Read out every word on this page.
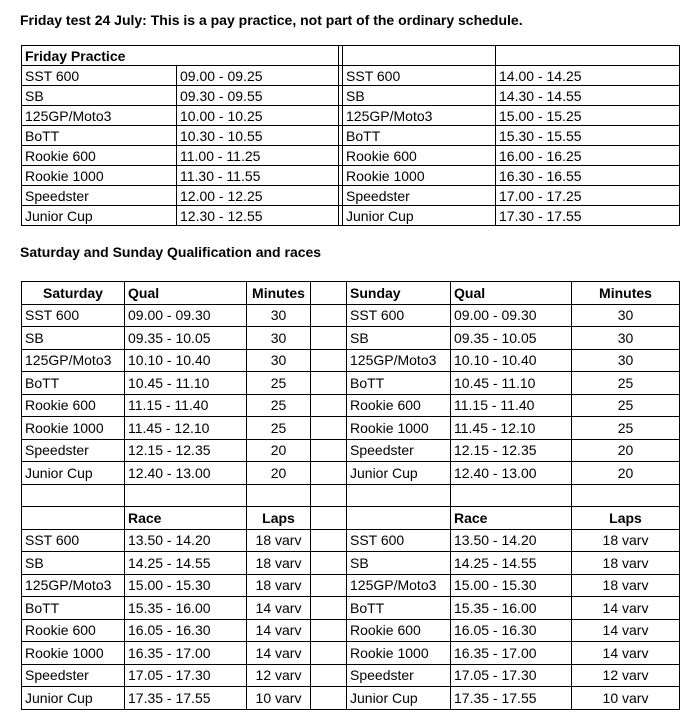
Friday test 24 July: This is a pay practice, not part of the ordinary schedule.
Friday Practice				
SST 600	09.00 - 09.25		SST 600	14.00 - 14.25
SB	09.30 - 09.55		SB	14.30 - 14.55
125GP/Moto3	10.00 - 10.25		125GP/Moto3	15.00 - 15.25
BoTT	10.30 - 10.55		BoTT	15.30 - 15.55
Rookie 600	11.00 - 11.25		Rookie 600	16.00 - 16.25
Rookie 1000	11.30 - 11.55		Rookie 1000	16.30 - 16.55
Speedster	12.00 - 12.25		Speedster	17.00 - 17.25
Junior Cup	12.30 - 12.55		Junior Cup	17.30 - 17.55
Saturday and Sunday Qualification and races
Saturday	Qual	Minutes		Sunday	Qual	Minutes
SST 600	09.00 - 09.30	30		SST 600	09.00 - 09.30	30
SB	09.35 - 10.05	30		SB	09.35 - 10.05	30
125GP/Moto3	10.10 - 10.40	30		125GP/Moto3	10.10 - 10.40	30
BoTT	10.45 - 11.10	25		BoTT	10.45 - 11.10	25
Rookie 600	11.15 - 11.40	25		Rookie 600	11.15 - 11.40	25
Rookie 1000	11.45 - 12.10	25		Rookie 1000	11.45 - 12.10	25
Speedster	12.15 - 12.35	20		Speedster	12.15 - 12.35	20
Junior Cup	12.40 - 13.00	20		Junior Cup	12.40 - 13.00	20

	Race	Laps			Race	Laps
SST 600	13.50 - 14.20	18 varv		SST 600	13.50 - 14.20	18 varv
SB	14.25 - 14.55	18 varv		SB	14.25 - 14.55	18 varv
125GP/Moto3	15.00 - 15.30	18 varv		125GP/Moto3	15.00 - 15.30	18 varv
BoTT	15.35 - 16.00	14 varv		BoTT	15.35 - 16.00	14 varv
Rookie 600	16.05 - 16.30	14 varv		Rookie 600	16.05 - 16.30	14 varv
Rookie 1000	16.35 - 17.00	14 varv		Rookie 1000	16.35 - 17.00	14 varv
Speedster	17.05 - 17.30	12 varv		Speedster	17.05 - 17.30	12 varv
Junior Cup	17.35 - 17.55	10 varv		Junior Cup	17.35 - 17.55	10 varv
